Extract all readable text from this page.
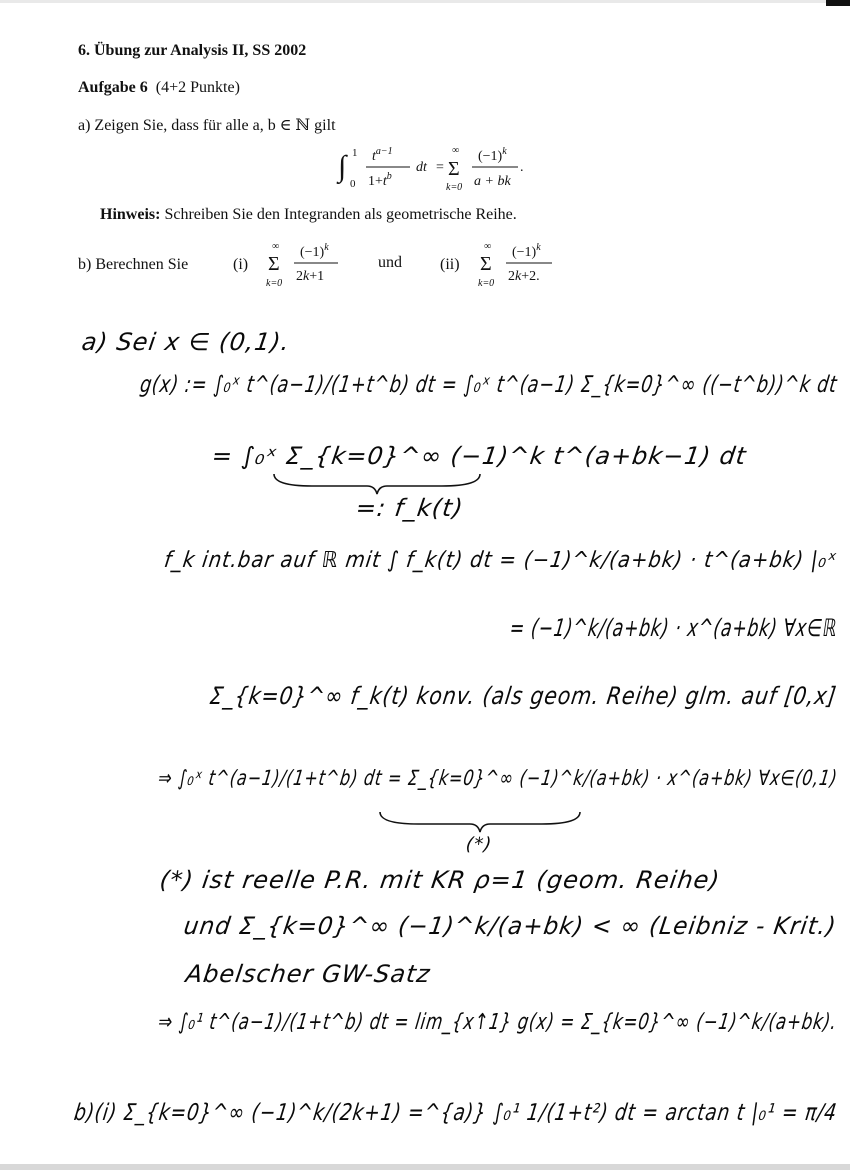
6. Übung zur Analysis II, SS 2002
Aufgabe 6 (4+2 Punkte)
a) Zeigen Sie, dass für alle a, b ∈ ℕ gilt
∫ 1
0
$t^{a-1}$
$1+t^b$
dt =
∞
Σ
k=0
$(-1)^k$
a + bk
.
Hinweis: Schreiben Sie den Integranden als geometrische Reihe.
b) Berechnen Sie	(i)
∞
Σ
k=0
$(-1)^k$
2k+1
und (ii)
∞
Σ
k=0
$(-1)^k$
2k+2.
a) Sei x ∈ (0,1).
g(x) := ∫₀ˣ t^(a−1)/(1+t^b) dt = ∫₀ˣ t^(a−1) Σ_{k=0}^∞ ((−t^b))^k dt
= ∫₀ˣ Σ_{k=0}^∞ (−1)^k t^(a+bk−1) dt
=: f_k(t)
f_k int.bar auf ℝ mit ∫ f_k(t) dt = (−1)^k/(a+bk) · t^(a+bk) |₀ˣ
= (−1)^k/(a+bk) · x^(a+bk) ∀x∈ℝ
Σ_{k=0}^∞ f_k(t) konv. (als geom. Reihe) glm. auf [0,x]
⇒ ∫₀ˣ t^(a−1)/(1+t^b) dt = Σ_{k=0}^∞ (−1)^k/(a+bk) · x^(a+bk) ∀x∈(0,1)
(*)
(*) ist reelle P.R. mit KR ρ=1 (geom. Reihe)
und Σ_{k=0}^∞ (−1)^k/(a+bk) < ∞ (Leibniz - Krit.)
Abelscher GW-Satz
⇒ ∫₀¹ t^(a−1)/(1+t^b) dt = lim_{x↑1} g(x) = Σ_{k=0}^∞ (−1)^k/(a+bk).
b)(i) Σ_{k=0}^∞ (−1)^k/(2k+1) =^{a)} ∫₀¹ 1/(1+t²) dt = arctan t |₀¹ = π/4
